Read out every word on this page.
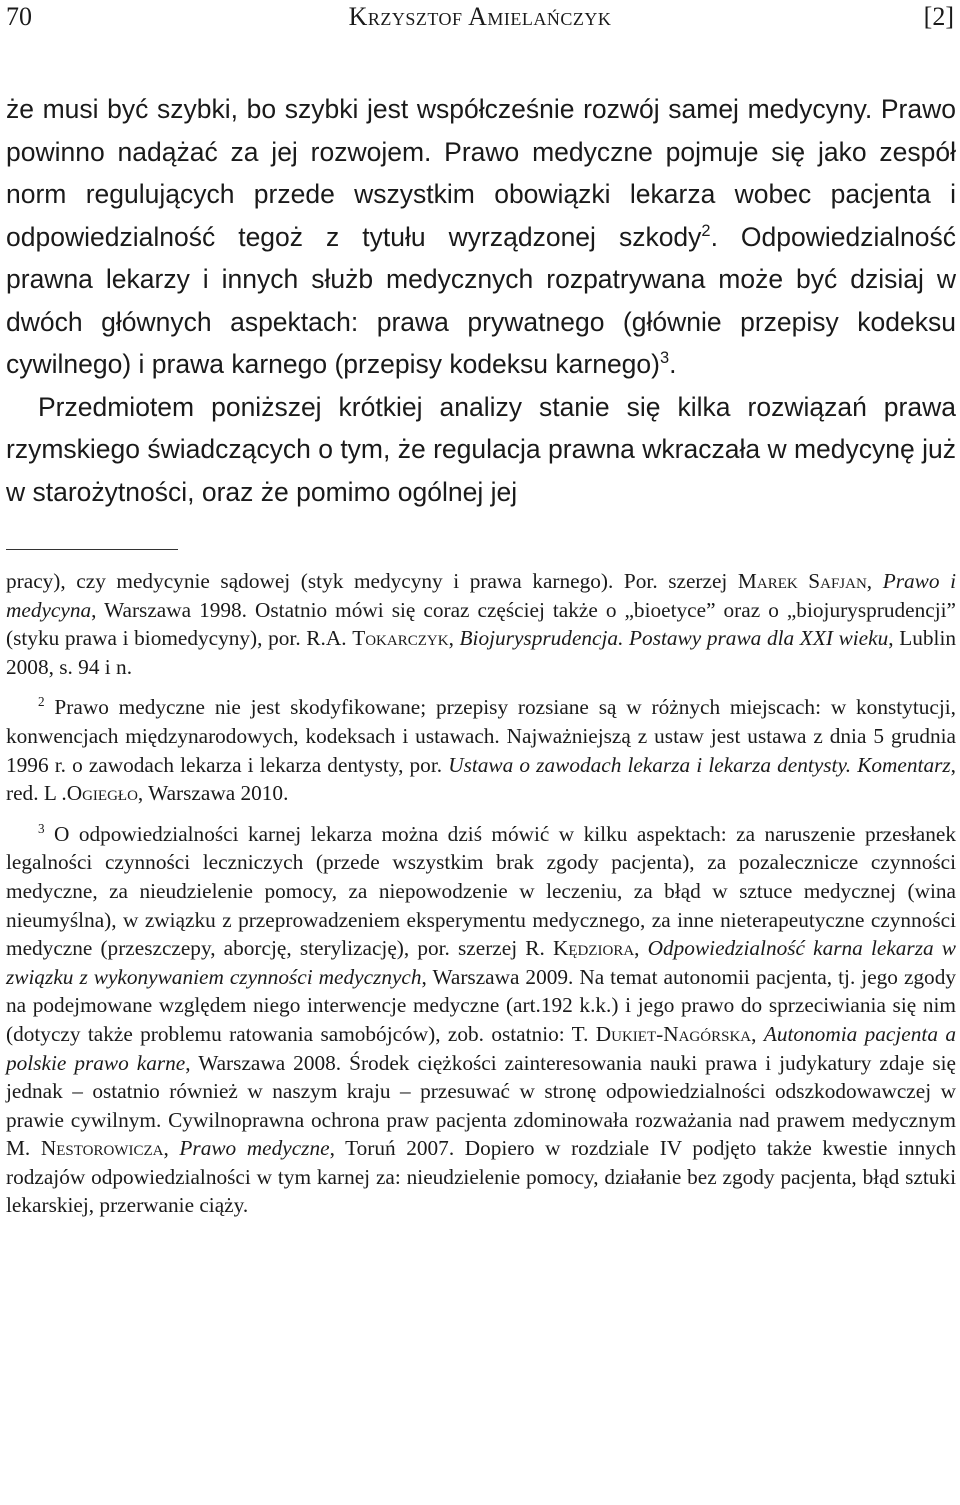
70	Krzysztof Amielańczyk	[2]

że musi być szybki, bo szybki jest współcześnie rozwój samej medycyny. Prawo powinno nadążać za jej rozwojem. Prawo medyczne pojmuje się jako zespół norm regulujących przede wszystkim obowiązki lekarza wobec pacjenta i odpowiedzialność tegoż z tytułu wyrządzonej szkody$^2$. Odpowiedzialność prawna lekarzy i innych służb medycznych rozpatrywana może być dzisiaj w dwóch głównych aspektach: prawa prywatnego (głównie przepisy kodeksu cywilnego) i prawa karnego (przepisy kodeksu karnego)$^3$.

Przedmiotem poniższej krótkiej analizy stanie się kilka rozwiązań prawa rzymskiego świadczących o tym, że regulacja prawna wkraczała w medycynę już w starożytności, oraz że pomimo ogólnej jej

pracy), czy medycynie sądowej (styk medycyny i prawa karnego). Por. szerzej Marek Safjan, Prawo i medycyna, Warszawa 1998. Ostatnio mówi się coraz częściej także o „bioetyce” oraz o „biojurysprudencji” (styku prawa i biomedycyny), por. R.A. Tokarczyk, Biojurysprudencja. Postawy prawa dla XXI wieku, Lublin 2008, s. 94 i n.

$^2$ Prawo medyczne nie jest skodyfikowane; przepisy rozsiane są w różnych miejscach: w konstytucji, konwencjach międzynarodowych, kodeksach i ustawach. Najważniejszą z ustaw jest ustawa z dnia 5 grudnia 1996 r. o zawodach lekarza i lekarza dentysty, por. Ustawa o zawodach lekarza i lekarza dentysty. Komentarz, red. L .Ogiegło, Warszawa 2010.

$^3$ O odpowiedzialności karnej lekarza można dziś mówić w kilku aspektach: za naruszenie przesłanek legalności czynności leczniczych (przede wszystkim brak zgody pacjenta), za pozalecznicze czynności medyczne, za nieudzielenie pomocy, za niepowodzenie w leczeniu, za błąd w sztuce medycznej (wina nieumyślna), w związku z przeprowadzeniem eksperymentu medycznego, za inne nieterapeutyczne czynności medyczne (przeszczepy, aborcję, sterylizację), por. szerzej R. Kędziora, Odpowiedzialność karna lekarza w związku z wykonywaniem czynności medycznych, Warszawa 2009. Na temat autonomii pacjenta, tj. jego zgody na podejmowane względem niego interwencje medyczne (art.192 k.k.) i jego prawo do sprzeciwiania się nim (dotyczy także problemu ratowania samobójców), zob. ostatnio: T. Dukiet-Nagórska, Autonomia pacjenta a polskie prawo karne, Warszawa 2008. Środek ciężkości zainteresowania nauki prawa i judykatury zdaje się jednak – ostatnio również w naszym kraju – przesuwać w stronę odpowiedzialności odszkodowawczej w prawie cywilnym. Cywilnoprawna ochrona praw pacjenta zdominowała rozważania nad prawem medycznym M. Nestorowicza, Prawo medyczne, Toruń 2007. Dopiero w rozdziale IV podjęto także kwestie innych rodzajów odpowiedzialności w tym karnej za: nieudzielenie pomocy, działanie bez zgody pacjenta, błąd sztuki lekarskiej, przerwanie ciąży.
